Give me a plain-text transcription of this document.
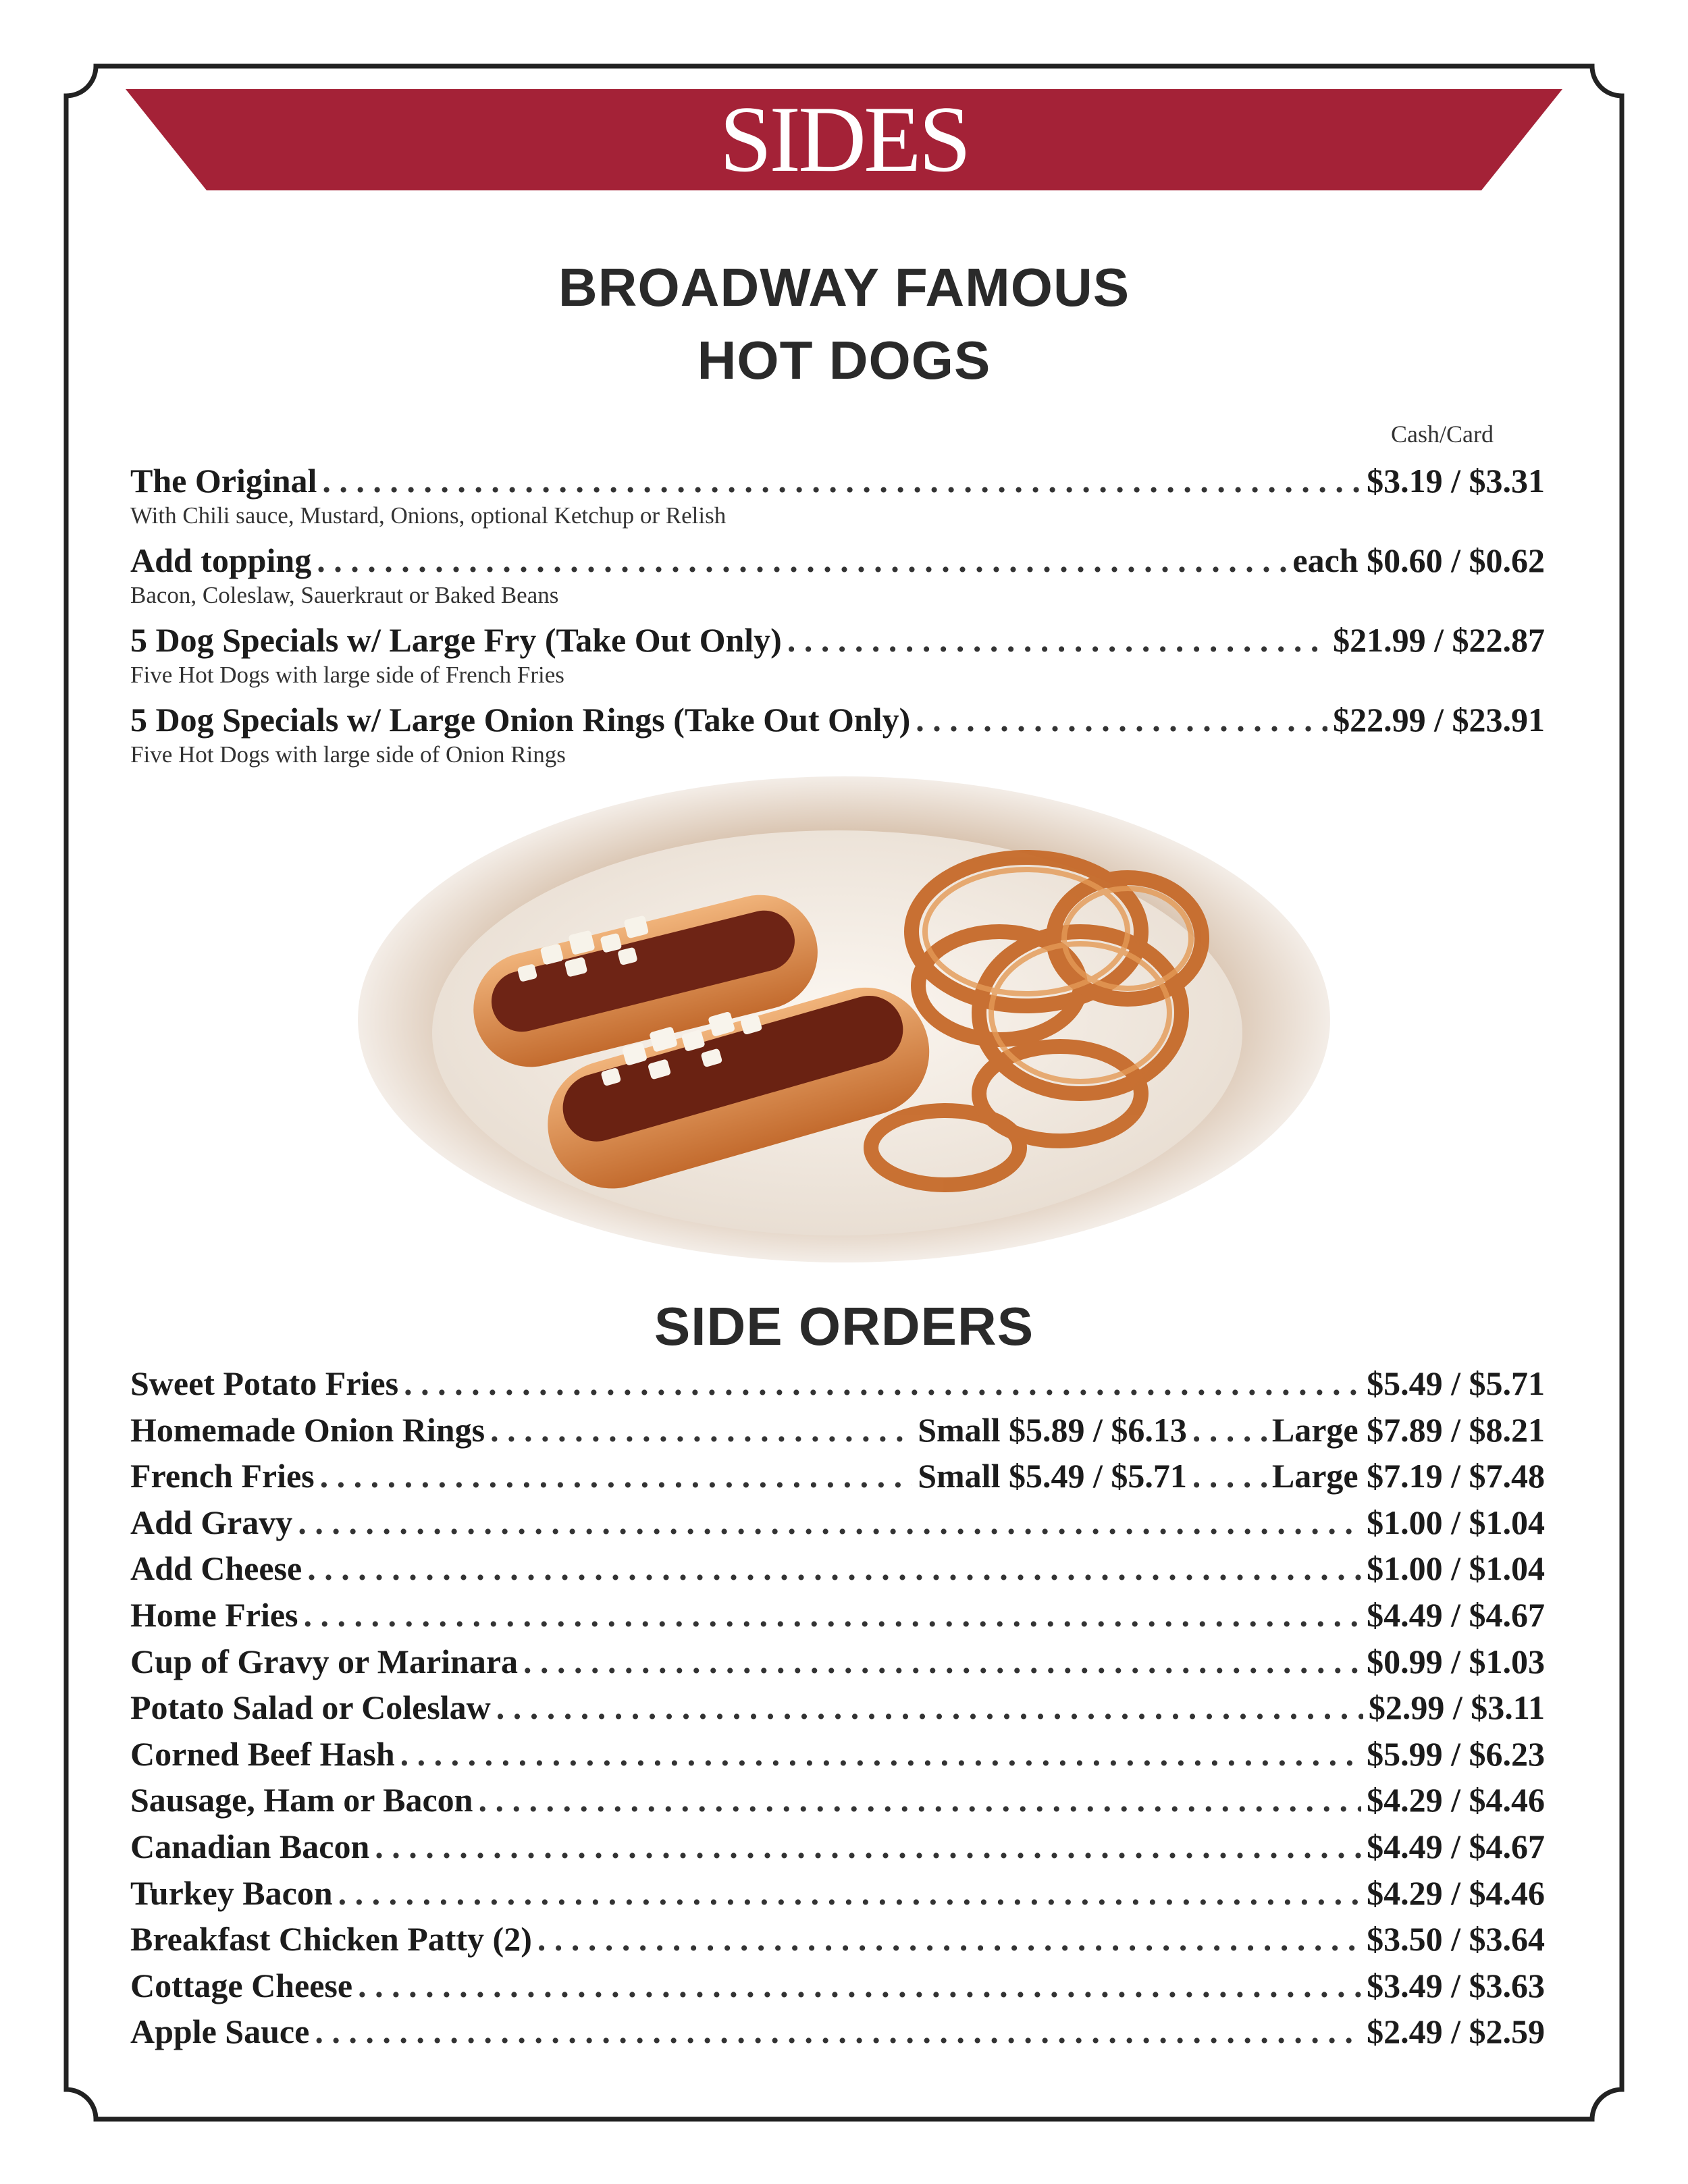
SIDES
BROADWAY FAMOUS
HOT DOGS
Cash/Card
The Original . . .	$3.19 / $3.31
With Chili sauce, Mustard, Onions, optional Ketchup or Relish
Add topping . . .	each $0.60 / $0.62
Bacon, Coleslaw, Sauerkraut or Baked Beans
5 Dog Specials w/ Large Fry (Take Out Only) . . .	$21.99 / $22.87
Five Hot Dogs with large side of French Fries
5 Dog Specials w/ Large Onion Rings (Take Out Only) . . .	$22.99 / $23.91
Five Hot Dogs with large side of Onion Rings
SIDE ORDERS
Sweet Potato Fries . . .	$5.49 / $5.71
Homemade Onion Rings . . .	Small $5.89 / $6.13 . . .	Large $7.89 / $8.21
French Fries . . .	Small $5.49 / $5.71 . . .	Large $7.19 / $7.48
Add Gravy . . .	$1.00 / $1.04
Add Cheese . . .	$1.00 / $1.04
Home Fries . . .	$4.49 / $4.67
Cup of Gravy or Marinara . . .	$0.99 / $1.03
Potato Salad or Coleslaw . . .	$2.99 / $3.11
Corned Beef Hash . . .	$5.99 / $6.23
Sausage, Ham or Bacon . . .	$4.29 / $4.46
Canadian Bacon . . .	$4.49 / $4.67
Turkey Bacon . . .	$4.29 / $4.46
Breakfast Chicken Patty (2) . . .	$3.50 / $3.64
Cottage Cheese . . .	$3.49 / $3.63
Apple Sauce . . .	$2.49 / $2.59
